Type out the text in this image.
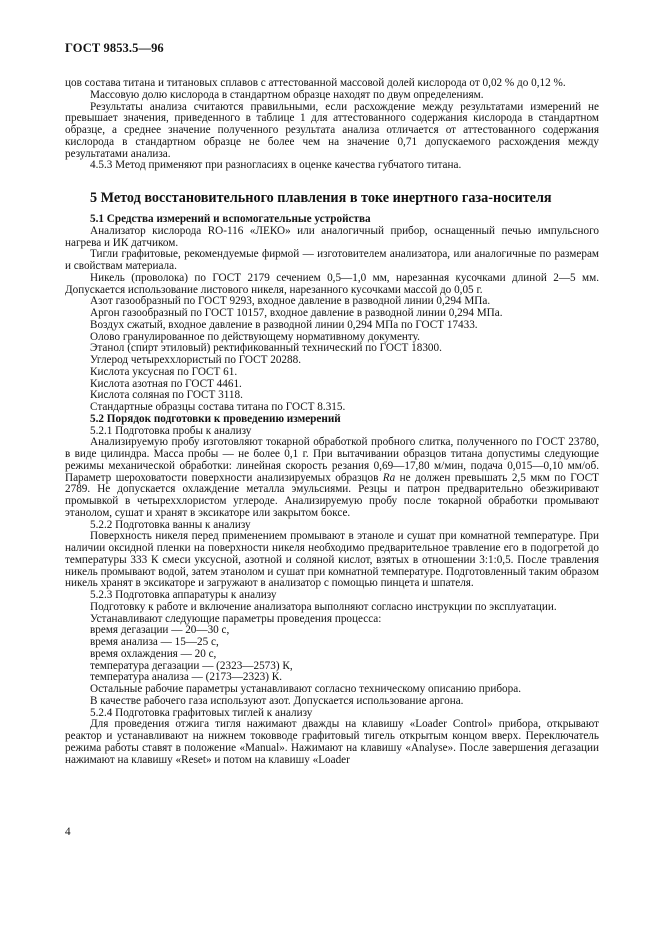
ГОСТ 9853.5—96

цов состава титана и титановых сплавов с аттестованной массовой долей кислорода от 0,02 % до 0,12 %.

Массовую долю кислорода в стандартном образце находят по двум определениям.

Результаты анализа считаются правильными, если расхождение между результатами измерений не превышает значения, приведенного в таблице 1 для аттестованного содержания кислорода в стандартном образце, а среднее значение полученного результата анализа отличается от аттестованного содержания кислорода в стандартном образце не более чем на значение 0,71 допускаемого расхождения между результатами анализа.

4.5.3 Метод применяют при разногласиях в оценке качества губчатого титана.

5 Метод восстановительного плавления в токе инертного газа-носителя
5.1 Средства измерений и вспомогательные устройства

Анализатор кислорода RO-116 «ЛЕКО» или аналогичный прибор, оснащенный печью импульсного нагрева и ИК датчиком.

Тигли графитовые, рекомендуемые фирмой — изготовителем анализатора, или аналогичные по размерам и свойствам материала.

Никель (проволока) по ГОСТ 2179 сечением 0,5—1,0 мм, нарезанная кусочками длиной 2—5 мм. Допускается использование листового никеля, нарезанного кусочками массой до 0,05 г.

Азот газообразный по ГОСТ 9293, входное давление в разводной линии 0,294 МПа.

Аргон газообразный по ГОСТ 10157, входное давление в разводной линии 0,294 МПа.

Воздух сжатый, входное давление в разводной линии 0,294 МПа по ГОСТ 17433.

Олово гранулированное по действующему нормативному документу.

Этанол (спирт этиловый) ректификованный технический по ГОСТ 18300.

Углерод четыреххлористый по ГОСТ 20288.

Кислота уксусная по ГОСТ 61.

Кислота азотная по ГОСТ 4461.

Кислота соляная по ГОСТ 3118.

Стандартные образцы состава титана по ГОСТ 8.315.

5.2 Порядок подготовки к проведению измерений

5.2.1 Подготовка пробы к анализу

Анализируемую пробу изготовляют токарной обработкой пробного слитка, полученного по ГОСТ 23780, в виде цилиндра. Масса пробы — не более 0,1 г. При вытачивании образцов титана допустимы следующие режимы механической обработки: линейная скорость резания 0,69—17,80 м/мин, подача 0,015—0,10 мм/об. Параметр шероховатости поверхности анализируемых образцов Ra не должен превышать 2,5 мкм по ГОСТ 2789. Не допускается охлаждение металла эмульсиями. Резцы и патрон предварительно обезжиривают промывкой в четыреххлористом углероде. Анализируемую пробу после токарной обработки промывают этанолом, сушат и хранят в эксикаторе или закрытом боксе.

5.2.2 Подготовка ванны к анализу

Поверхность никеля перед применением промывают в этаноле и сушат при комнатной температуре. При наличии оксидной пленки на поверхности никеля необходимо предварительное травление его в подогретой до температуры 333 К смеси уксусной, азотной и соляной кислот, взятых в отношении 3:1:0,5. После травления никель промывают водой, затем этанолом и сушат при комнатной температуре. Подготовленный таким образом никель хранят в эксикаторе и загружают в анализатор с помощью пинцета и шпателя.

5.2.3 Подготовка аппаратуры к анализу

Подготовку к работе и включение анализатора выполняют согласно инструкции по эксплуатации.

Устанавливают следующие параметры проведения процесса:

время дегазации — 20—30 с,

время анализа — 15—25 с,

время охлаждения — 20 с,

температура дегазации — (2323—2573) К,

температура анализа — (2173—2323) К.

Остальные рабочие параметры устанавливают согласно техническому описанию прибора.

В качестве рабочего газа используют азот. Допускается использование аргона.

5.2.4 Подготовка графитовых тиглей к анализу

Для проведения отжига тигля нажимают дважды на клавишу «Loader Control» прибора, открывают реактор и устанавливают на нижнем токовводе графитовый тигель открытым концом вверх. Переключатель режима работы ставят в положение «Manual». Нажимают на клавишу «Analyse». После завершения дегазации нажимают на клавишу «Reset» и потом на клавишу «Loader

4
